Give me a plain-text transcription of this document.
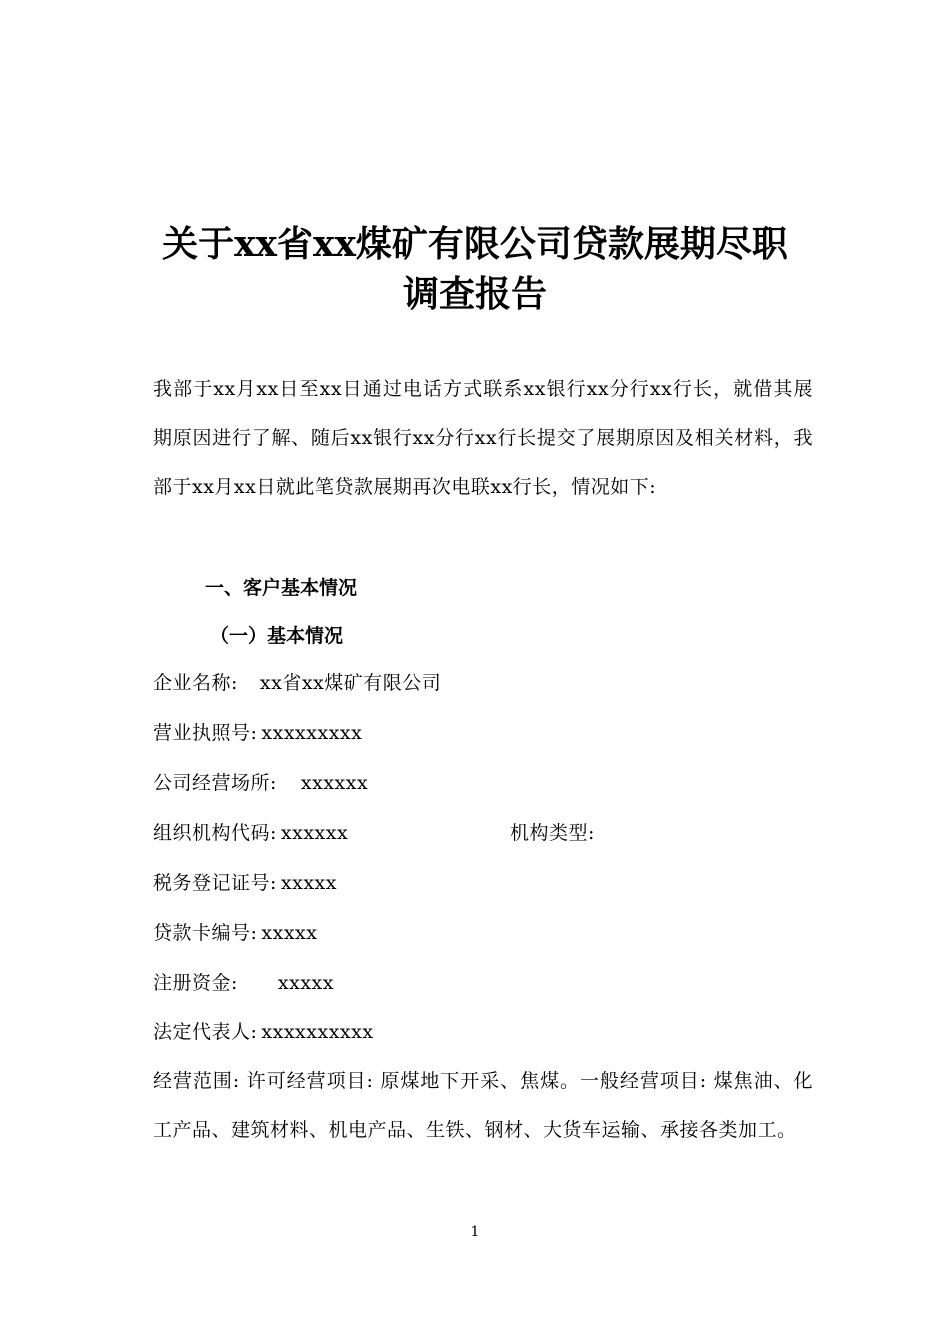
关于xx省xx煤矿有限公司贷款展期尽职
调查报告

我部于xx月xx日至xx日通过电话方式联系xx银行xx分行xx行长，就借其展期原因进行了解、随后xx银行xx分行xx行长提交了展期原因及相关材料，我部于xx月xx日就此笔贷款展期再次电联xx行长，情况如下:

一、客户基本情况

（一）基本情况

企业名称: xx省xx煤矿有限公司

营业执照号: xxxxxxxxx

公司经营场所: xxxxxx

组织机构代码: xxxxxx	机构类型:

税务登记证号: xxxxx

贷款卡编号: xxxxx

注册资金: xxxxx

法定代表人: xxxxxxxxxx

经营范围: 许可经营项目: 原煤地下开采、焦煤。一般经营项目: 煤焦油、化工产品、建筑材料、机电产品、生铁、钢材、大货车运输、承接各类加工。

1
